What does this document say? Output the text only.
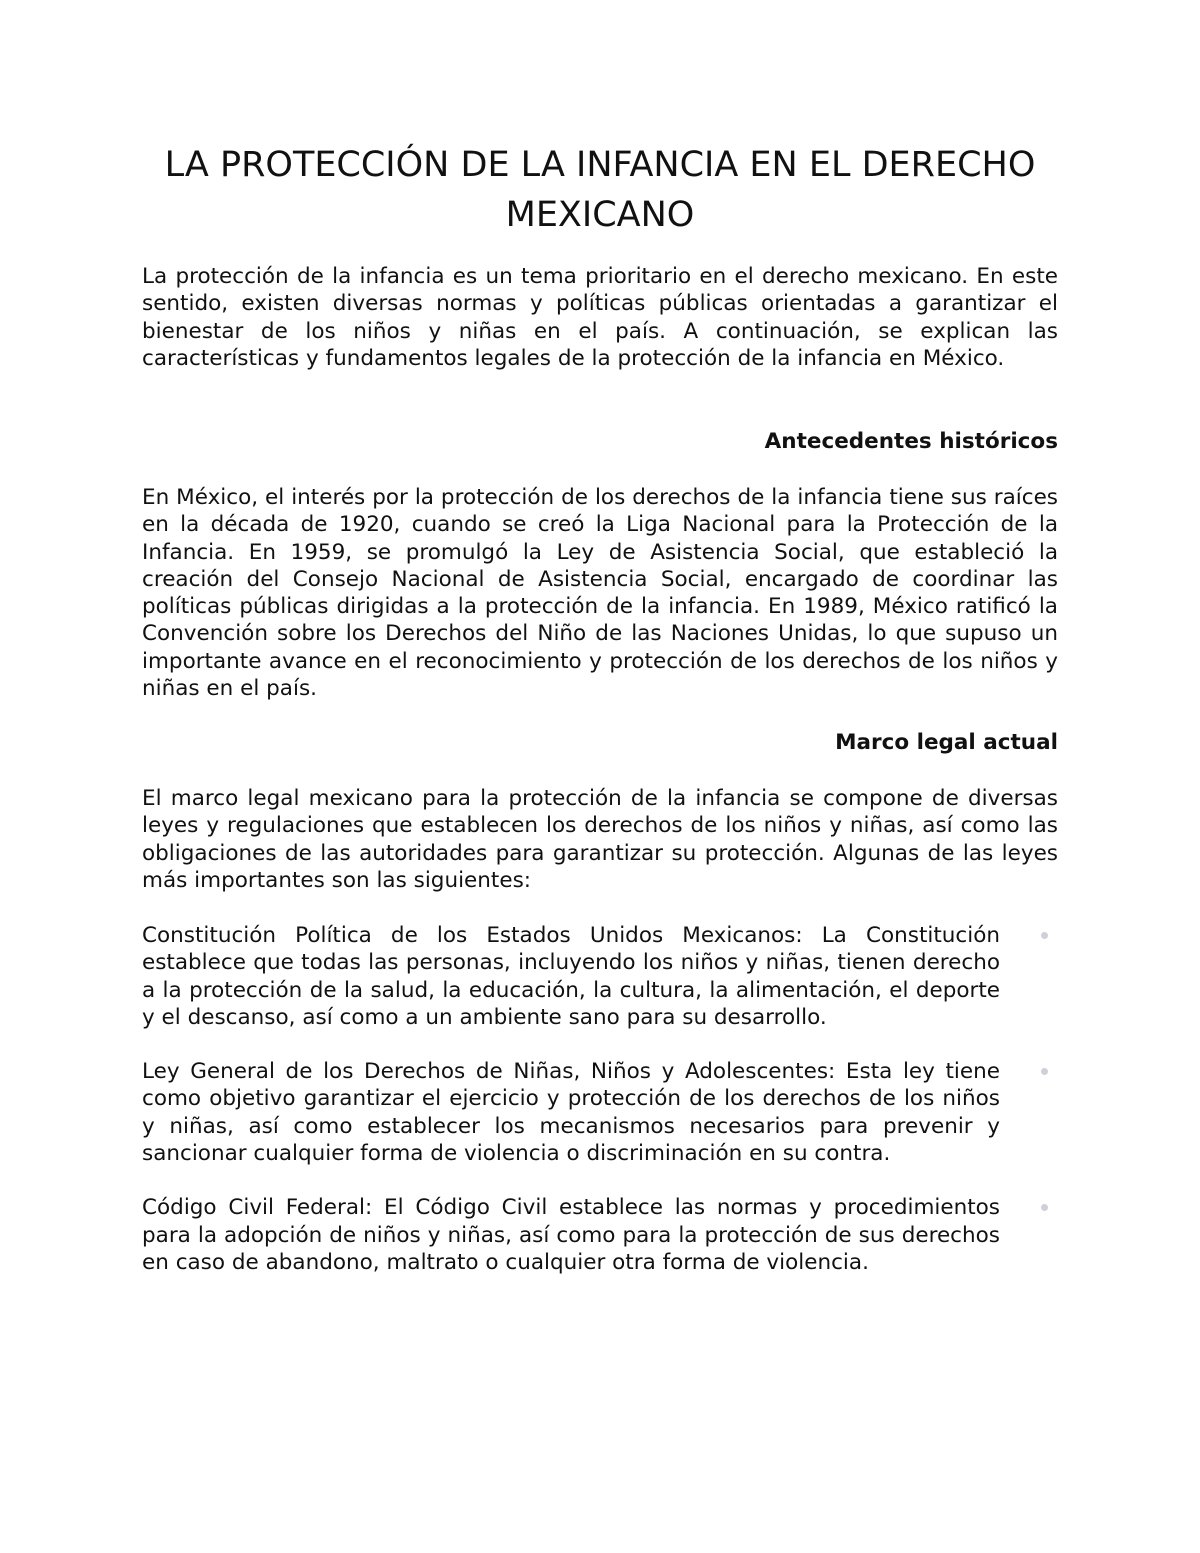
LA PROTECCIÓN DE LA INFANCIA EN EL DERECHO MEXICANO

La protección de la infancia es un tema prioritario en el derecho mexicano. En este sentido, existen diversas normas y políticas públicas orientadas a garantizar el bienestar de los niños y niñas en el país. A continuación, se explican las características y fundamentos legales de la protección de la infancia en México.

Antecedentes históricos

En México, el interés por la protección de los derechos de la infancia tiene sus raíces en la década de 1920, cuando se creó la Liga Nacional para la Protección de la Infancia. En 1959, se promulgó la Ley de Asistencia Social, que estableció la creación del Consejo Nacional de Asistencia Social, encargado de coordinar las políticas públicas dirigidas a la protección de la infancia. En 1989, México ratificó la Convención sobre los Derechos del Niño de las Naciones Unidas, lo que supuso un importante avance en el reconocimiento y protección de los derechos de los niños y niñas en el país.

Marco legal actual

El marco legal mexicano para la protección de la infancia se compone de diversas leyes y regulaciones que establecen los derechos de los niños y niñas, así como las obligaciones de las autoridades para garantizar su protección. Algunas de las leyes más importantes son las siguientes:

Constitución Política de los Estados Unidos Mexicanos: La Constitución establece que todas las personas, incluyendo los niños y niñas, tienen derecho a la protección de la salud, la educación, la cultura, la alimentación, el deporte y el descanso, así como a un ambiente sano para su desarrollo.
Ley General de los Derechos de Niñas, Niños y Adolescentes: Esta ley tiene como objetivo garantizar el ejercicio y protección de los derechos de los niños y niñas, así como establecer los mecanismos necesarios para prevenir y sancionar cualquier forma de violencia o discriminación en su contra.
Código Civil Federal: El Código Civil establece las normas y procedimientos para la adopción de niños y niñas, así como para la protección de sus derechos en caso de abandono, maltrato o cualquier otra forma de violencia.
